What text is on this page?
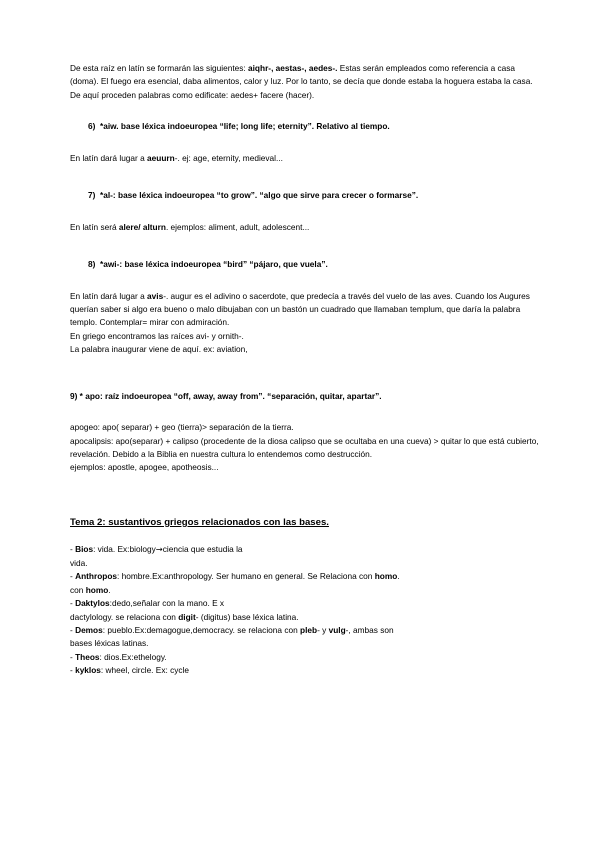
De esta raíz en latín se formarán las siguientes: aiqhr-, aestas-, aedes-. Estas serán empleados como referencia a casa (doma). El fuego era esencial, daba alimentos, calor y luz. Por lo tanto, se decía que donde estaba la hoguera estaba la casa. De aquí proceden palabras como edificate: aedes+ facere (hacer).

6) *aiw. base léxica indoeuropea “life; long life; eternity”. Relativo al tiempo.

En latín dará lugar a aeuurn-. ej: age, eternity, medieval...

7) *al-: base léxica indoeuropea “to grow”. “algo que sirve para crecer o formarse”.

En latín será alere/ alturn. ejemplos: aliment, adult, adolescent...

8) *awi-: base léxica indoeuropea “bird” “pájaro, que vuela”.

En latín dará lugar a avis-. augur es el adivino o sacerdote, que predecía a través del vuelo de las aves. Cuando los Augures querían saber si algo era bueno o malo dibujaban con un bastón un cuadrado que llamaban templum, que daría la palabra templo. Contemplar= mirar con admiración.

En griego encontramos las raíces avi- y ornith-.

La palabra inaugurar viene de aquí. ex: aviation,

9) * apo: raíz indoeuropea “off, away, away from”. “separación, quitar, apartar”.

apogeo: apo( separar) + geo (tierra)> separación de la tierra.

apocalipsis: apo(separar) + calipso (procedente de la diosa calipso que se ocultaba en una cueva) > quitar lo que está cubierto, revelación. Debido a la Biblia en nuestra cultura lo entendemos como destrucción.

ejemplos: apostle, apogee, apotheosis...

Tema 2: sustantivos griegos relacionados con las bases.

- Bios: vida. Ex:biology→ciencia que estudia la

vida.

- Anthropos: hombre.Ex:anthropology. Ser humano en general. Se Relaciona con homo.

con homo.

- Daktylos:dedo,señalar con la mano. E x

dactylology. se relaciona con digit- (digitus) base léxica latina.

- Demos: pueblo.Ex:demagogue,democracy. se relaciona con pleb- y vulg-, ambas son

bases léxicas latinas.

- Theos: dios.Ex:ethelogy.

- kyklos: wheel, circle. Ex: cycle
